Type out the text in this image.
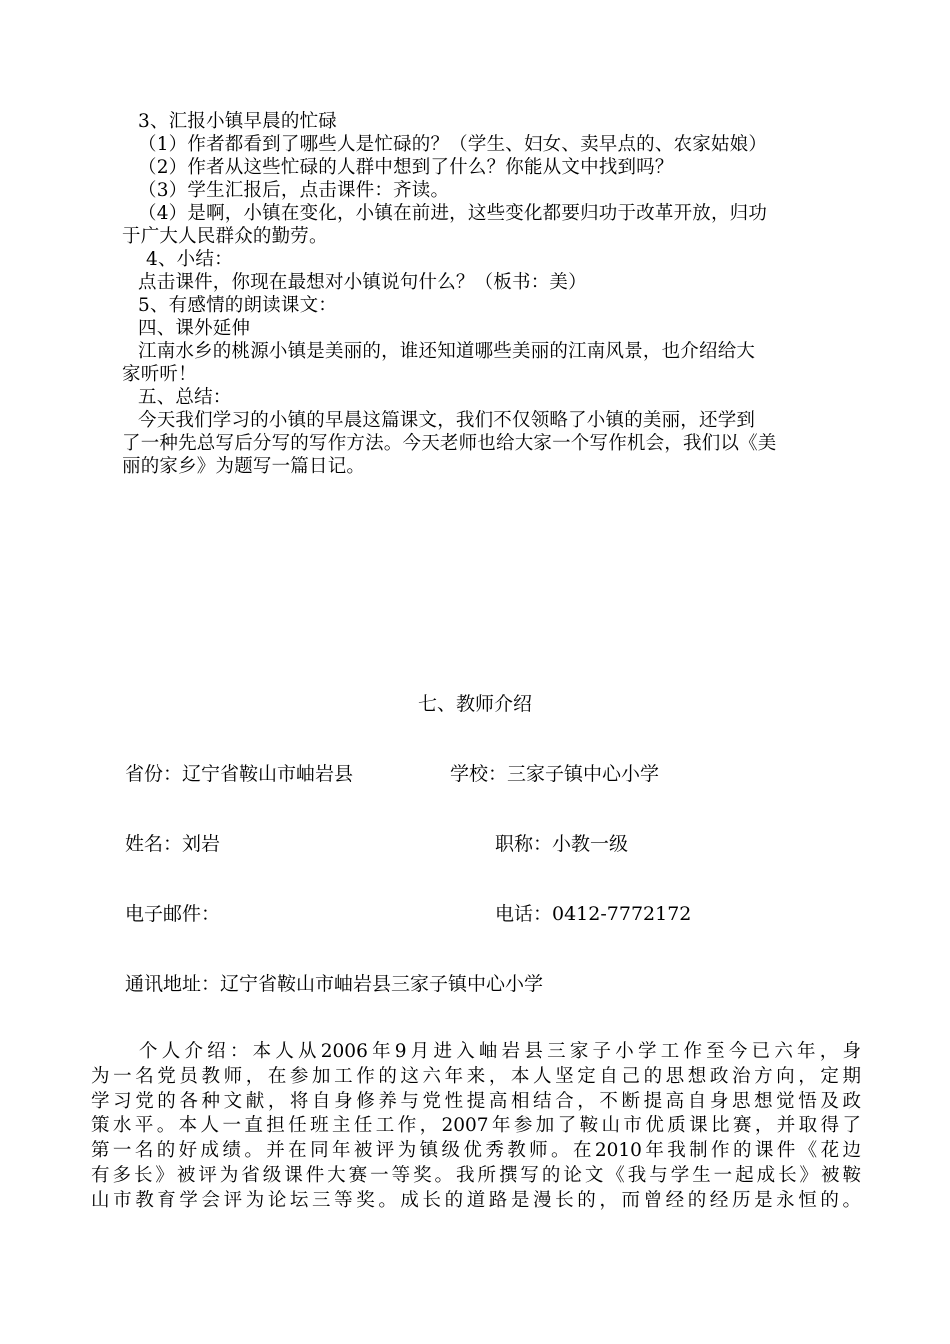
3、汇报小镇早晨的忙碌
（1）作者都看到了哪些人是忙碌的？（学生、妇女、卖早点的、农家姑娘）
（2）作者从这些忙碌的人群中想到了什么？你能从文中找到吗？
（3）学生汇报后，点击课件：齐读。
（4）是啊，小镇在变化，小镇在前进，这些变化都要归功于改革开放，归功
于广大人民群众的勤劳。
4、小结：
点击课件，你现在最想对小镇说句什么？（板书：美）
5、有感情的朗读课文：
四、课外延伸
江南水乡的桃源小镇是美丽的，谁还知道哪些美丽的江南风景，也介绍给大
家听听！
五、总结：
今天我们学习的小镇的早晨这篇课文，我们不仅领略了小镇的美丽，还学到
了一种先总写后分写的写作方法。今天老师也给大家一个写作机会，我们以《美
丽的家乡》为题写一篇日记。
七、教师介绍
省份：辽宁省鞍山市岫岩县	学校：三家子镇中心小学
姓名：刘岩	职称：小教一级
电子邮件：	电话：0412-7772172
通讯地址：辽宁省鞍山市岫岩县三家子镇中心小学
个人介绍：本人从2006年9月进入岫岩县三家子小学工作至今已六年，身
为一名党员教师，在参加工作的这六年来，本人坚定自己的思想政治方向，定期
学习党的各种文献，将自身修养与党性提高相结合，不断提高自身思想觉悟及政
策水平。本人一直担任班主任工作，2007年参加了鞍山市优质课比赛，并取得了
第一名的好成绩。并在同年被评为镇级优秀教师。在2010年我制作的课件《花边
有多长》被评为省级课件大赛一等奖。我所撰写的论文《我与学生一起成长》被鞍
山市教育学会评为论坛三等奖。成长的道路是漫长的，而曾经的经历是永恒的。
